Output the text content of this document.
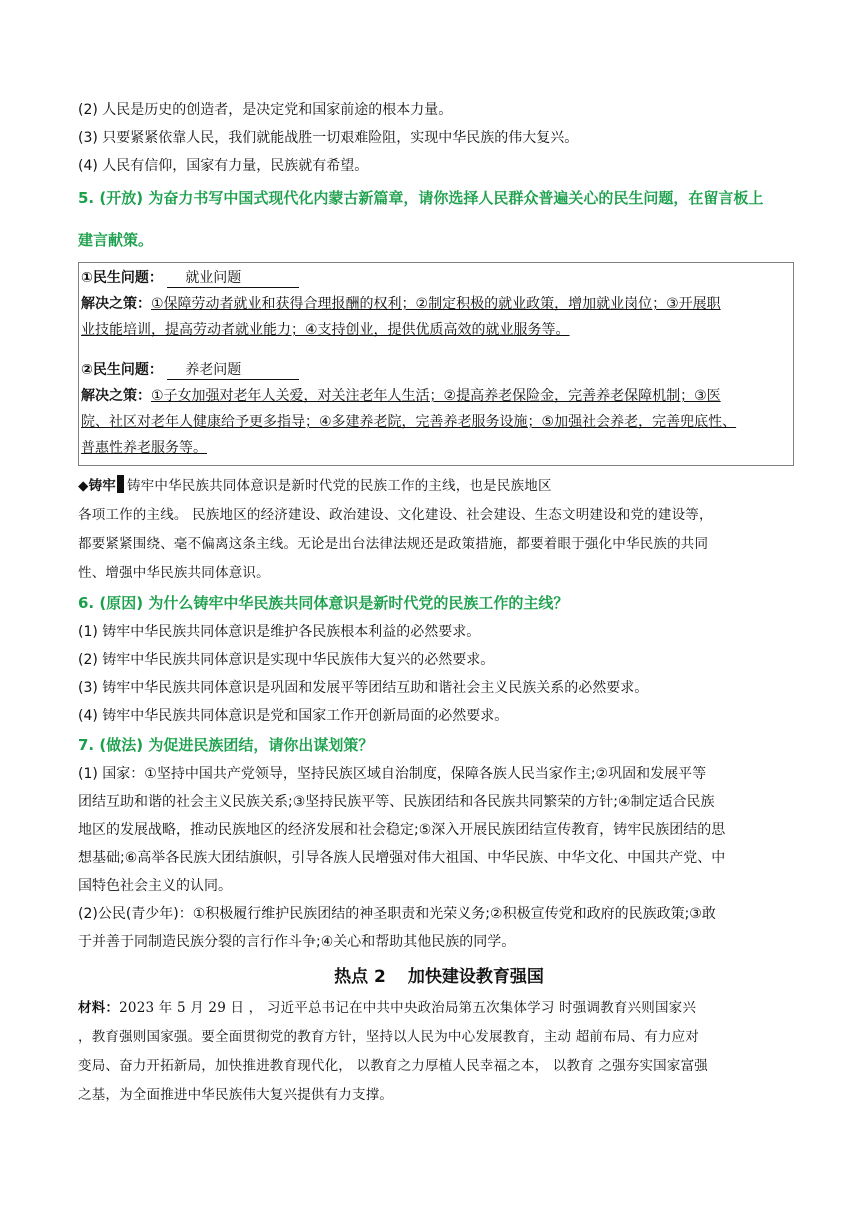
(2) 人民是历史的创造者，是决定党和国家前途的根本力量。
(3) 只要紧紧依靠人民，我们就能战胜一切艰难险阻，实现中华民族的伟大复兴。
(4) 人民有信仰，国家有力量，民族就有希望。
5. (开放) 为奋力书写中国式现代化内蒙古新篇章，请你选择人民群众普遍关心的民生问题，在留言板上
建言献策。
①民生问题： 就业问题
解决之策：①保障劳动者就业和获得合理报酬的权利；②制定积极的就业政策，增加就业岗位；③开展职
业技能培训，提高劳动者就业能力；④支持创业，提供优质高效的就业服务等。
②民生问题： 养老问题
解决之策：①子女加强对老年人关爱，对关注老年人生活；②提高养老保险金，完善养老保障机制；③医
院、社区对老年人健康给予更多指导；④多建养老院，完善养老服务设施；⑤加强社会养老，完善兜底性、
普惠性养老服务等。
◆铸牢 铸牢中华民族共同体意识是新时代党的民族工作的主线，也是民族地区
各项工作的主线。 民族地区的经济建设、政治建设、文化建设、社会建设、生态文明建设和党的建设等，
都要紧紧围绕、毫不偏离这条主线。无论是出台法律法规还是政策措施，都要着眼于强化中华民族的共同
性、增强中华民族共同体意识。
6. (原因) 为什么铸牢中华民族共同体意识是新时代党的民族工作的主线？
(1) 铸牢中华民族共同体意识是维护各民族根本利益的必然要求。
(2) 铸牢中华民族共同体意识是实现中华民族伟大复兴的必然要求。
(3) 铸牢中华民族共同体意识是巩固和发展平等团结互助和谐社会主义民族关系的必然要求。
(4) 铸牢中华民族共同体意识是党和国家工作开创新局面的必然要求。
7. (做法) 为促进民族团结，请你出谋划策？
(1) 国家：①坚持中国共产党领导，坚持民族区域自治制度，保障各族人民当家作主;②巩固和发展平等
团结互助和谐的社会主义民族关系;③坚持民族平等、民族团结和各民族共同繁荣的方针;④制定适合民族
地区的发展战略，推动民族地区的经济发展和社会稳定;⑤深入开展民族团结宣传教育，铸牢民族团结的思
想基础;⑥高举各民族大团结旗帜，引导各族人民增强对伟大祖国、中华民族、中华文化、中国共产党、中
国特色社会主义的认同。
(2)公民(青少年)：①积极履行维护民族团结的神圣职责和光荣义务;②积极宣传党和政府的民族政策;③敢
于并善于同制造民族分裂的言行作斗争;④关心和帮助其他民族的同学。
热点 2 加快建设教育强国
材料：2023 年 5 月 29 日 ， 习近平总书记在中共中央政治局第五次集体学习 时强调教育兴则国家兴
，教育强则国家强。要全面贯彻党的教育方针，坚持以人民为中心发展教育，主动 超前布局、有力应对
变局、奋力开拓新局，加快推进教育现代化， 以教育之力厚植人民幸福之本， 以教育 之强夯实国家富强
之基，为全面推进中华民族伟大复兴提供有力支撑。
